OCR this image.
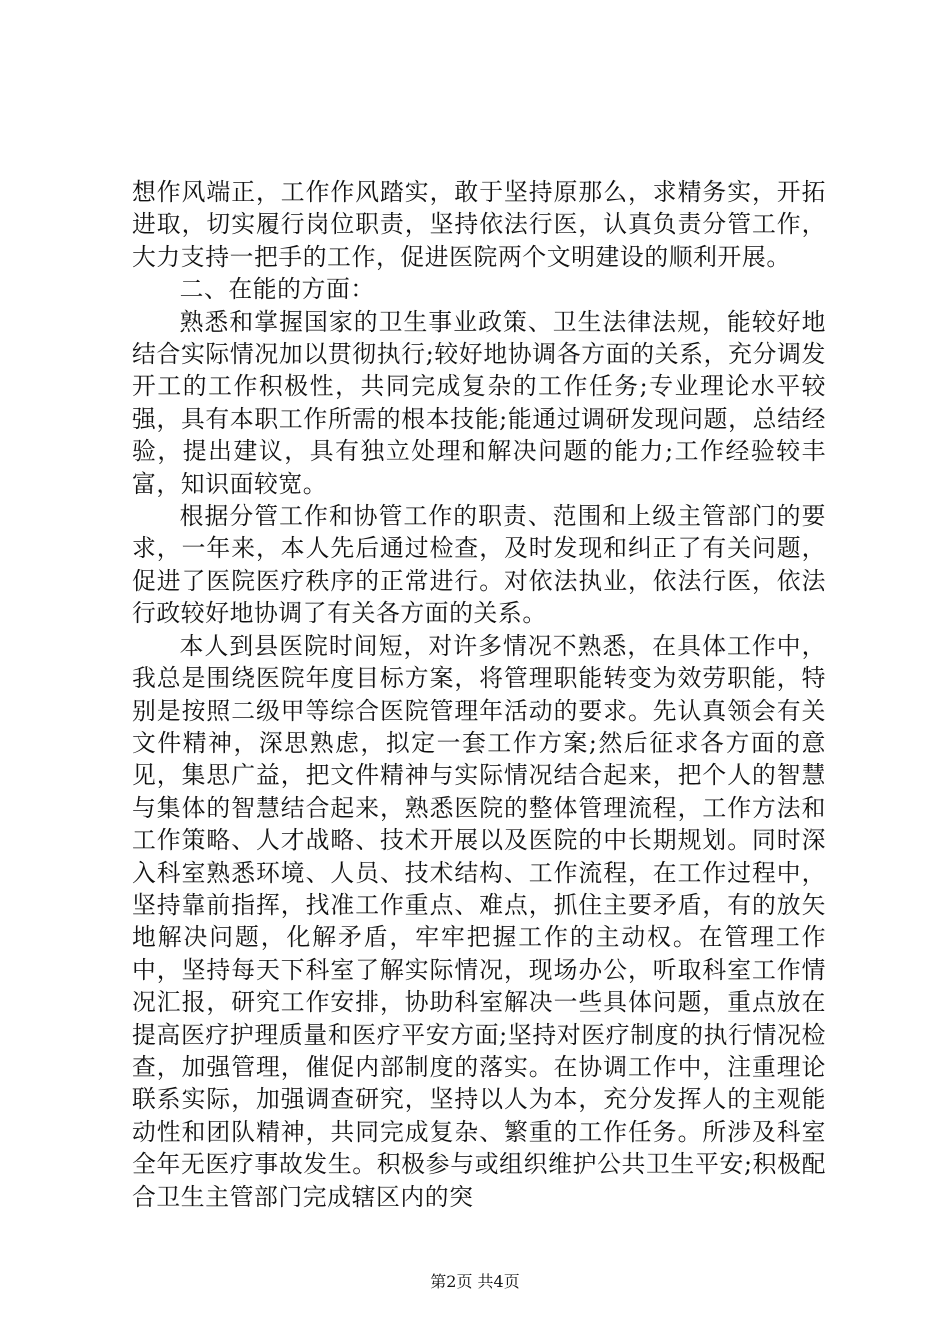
想作风端正，工作作风踏实，敢于坚持原那么，求精务实，开拓进取，切实履行岗位职责，坚持依法行医，认真负责分管工作，大力支持一把手的工作，促进医院两个文明建设的顺利开展。

二、在能的方面：

熟悉和掌握国家的卫生事业政策、卫生法律法规，能较好地结合实际情况加以贯彻执行;较好地协调各方面的关系，充分调发开工的工作积极性，共同完成复杂的工作任务;专业理论水平较强，具有本职工作所需的根本技能;能通过调研发现问题，总结经验，提出建议，具有独立处理和解决问题的能力;工作经验较丰富，知识面较宽。

根据分管工作和协管工作的职责、范围和上级主管部门的要求，一年来，本人先后通过检查，及时发现和纠正了有关问题，促进了医院医疗秩序的正常进行。对依法执业，依法行医，依法行政较好地协调了有关各方面的关系。

本人到县医院时间短，对许多情况不熟悉，在具体工作中，我总是围绕医院年度目标方案，将管理职能转变为效劳职能，特别是按照二级甲等综合医院管理年活动的要求。先认真领会有关文件精神，深思熟虑，拟定一套工作方案;然后征求各方面的意见，集思广益，把文件精神与实际情况结合起来，把个人的智慧与集体的智慧结合起来，熟悉医院的整体管理流程，工作方法和工作策略、人才战略、技术开展以及医院的中长期规划。同时深入科室熟悉环境、人员、技术结构、工作流程，在工作过程中，坚持靠前指挥，找准工作重点、难点，抓住主要矛盾，有的放矢地解决问题，化解矛盾，牢牢把握工作的主动权。在管理工作中，坚持每天下科室了解实际情况，现场办公，听取科室工作情况汇报，研究工作安排，协助科室解决一些具体问题，重点放在提高医疗护理质量和医疗平安方面;坚持对医疗制度的执行情况检查，加强管理，催促内部制度的落实。在协调工作中，注重理论联系实际，加强调查研究，坚持以人为本，充分发挥人的主观能动性和团队精神，共同完成复杂、繁重的工作任务。所涉及科室全年无医疗事故发生。积极参与或组织维护公共卫生平安;积极配合卫生主管部门完成辖区内的突

第2页 共4页
